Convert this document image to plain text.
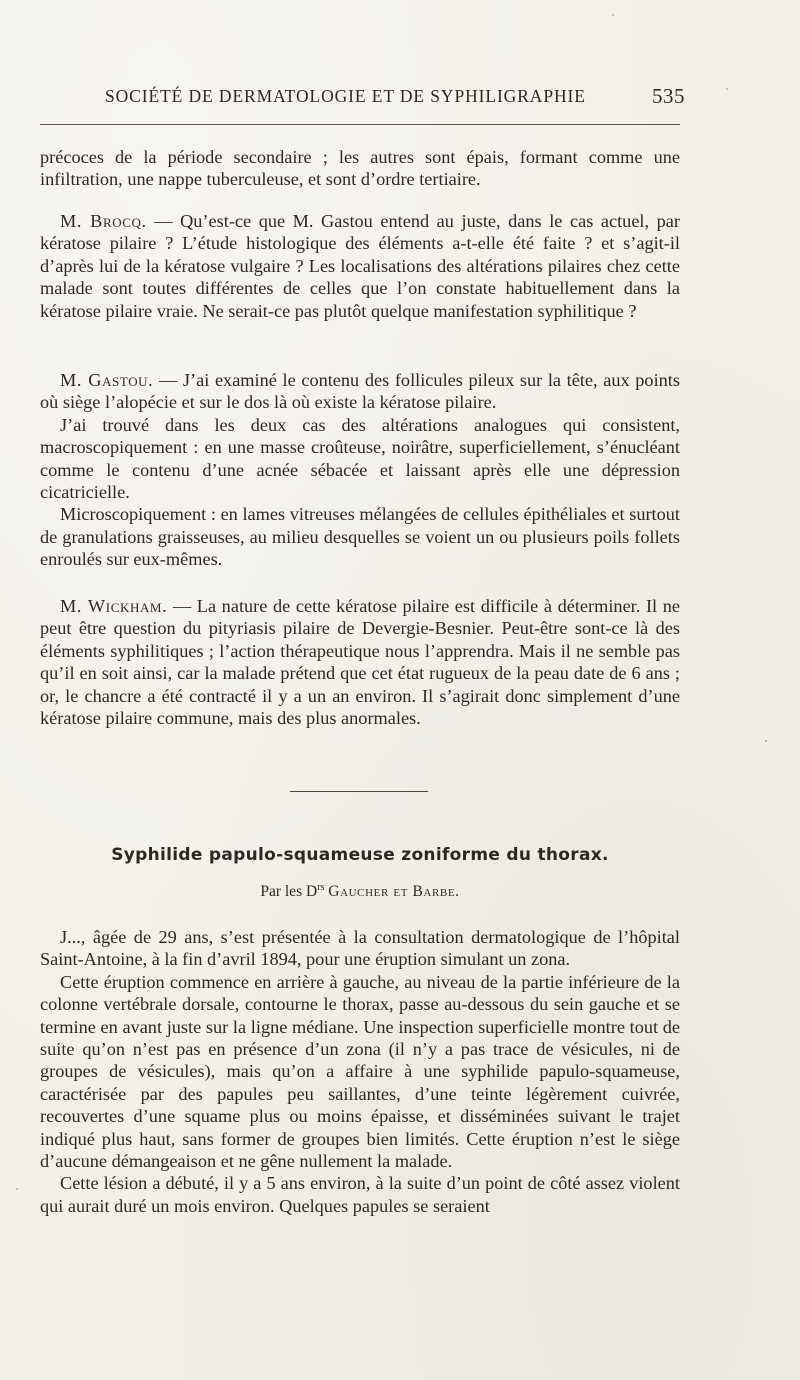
SOCIÉTÉ DE DERMATOLOGIE ET DE SYPHILIGRAPHIE	535

précoces de la période secondaire ; les autres sont épais, formant comme une infiltration, une nappe tuberculeuse, et sont d’ordre tertiaire.

M. Brocq. — Qu’est-ce que M. Gastou entend au juste, dans le cas actuel, par kératose pilaire ? L’étude histologique des éléments a-t-elle été faite ? et s’agit-il d’après lui de la kératose vulgaire ? Les localisations des altérations pilaires chez cette malade sont toutes différentes de celles que l’on constate habituellement dans la kératose pilaire vraie. Ne serait-ce pas plutôt quelque manifestation syphilitique ?

M. Gastou. — J’ai examiné le contenu des follicules pileux sur la tête, aux points où siège l’alopécie et sur le dos là où existe la kératose pilaire.

J’ai trouvé dans les deux cas des altérations analogues qui consistent, macroscopiquement : en une masse croûteuse, noirâtre, superficiellement, s’énucléant comme le contenu d’une acnée sébacée et laissant après elle une dépression cicatricielle.

Microscopiquement : en lames vitreuses mélangées de cellules épithéliales et surtout de granulations graisseuses, au milieu desquelles se voient un ou plusieurs poils follets enroulés sur eux-mêmes.

M. Wickham. — La nature de cette kératose pilaire est difficile à déterminer. Il ne peut être question du pityriasis pilaire de Devergie-Besnier. Peut-être sont-ce là des éléments syphilitiques ; l’action thérapeutique nous l’apprendra. Mais il ne semble pas qu’il en soit ainsi, car la malade prétend que cet état rugueux de la peau date de 6 ans ; or, le chancre a été contracté il y a un an environ. Il s’agirait donc simplement d’une kératose pilaire commune, mais des plus anormales.

Syphilide papulo-squameuse zoniforme du thorax.
Par les $D^{rs}$ Gaucher et Barbe.

J..., âgée de 29 ans, s’est présentée à la consultation dermatologique de l’hôpital Saint-Antoine, à la fin d’avril 1894, pour une éruption simulant un zona.

Cette éruption commence en arrière à gauche, au niveau de la partie inférieure de la colonne vertébrale dorsale, contourne le thorax, passe au-dessous du sein gauche et se termine en avant juste sur la ligne médiane. Une inspection superficielle montre tout de suite qu’on n’est pas en présence d’un zona (il n’y a pas trace de vésicules, ni de groupes de vésicules), mais qu’on a affaire à une syphilide papulo-squameuse, caractérisée par des papules peu saillantes, d’une teinte légèrement cuivrée, recouvertes d’une squame plus ou moins épaisse, et disséminées suivant le trajet indiqué plus haut, sans former de groupes bien limités. Cette éruption n’est le siège d’aucune démangeaison et ne gêne nullement la malade.

Cette lésion a débuté, il y a 5 ans environ, à la suite d’un point de côté assez violent qui aurait duré un mois environ. Quelques papules se seraient
